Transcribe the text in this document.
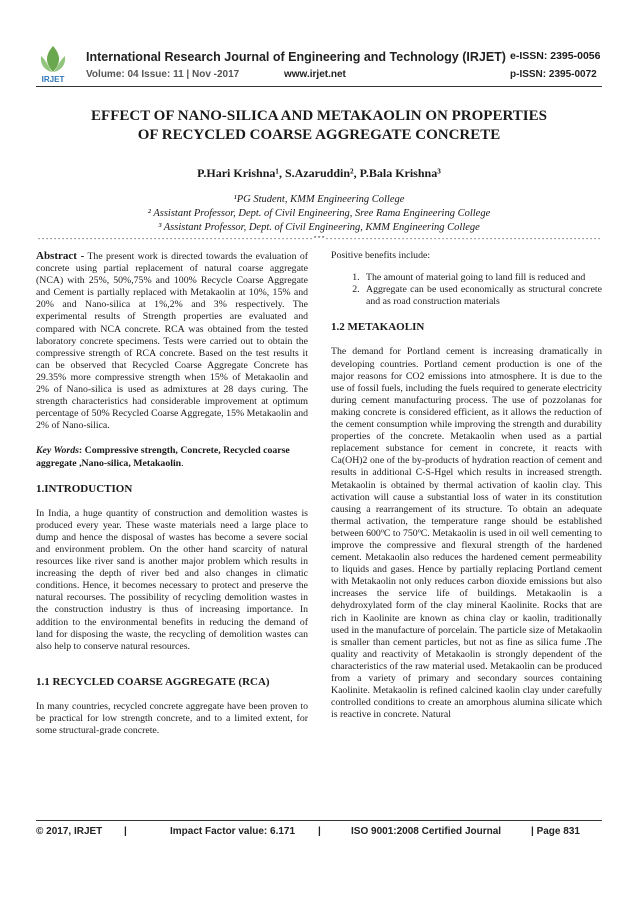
IRJET
International Research Journal of Engineering and Technology (IRJET) e-ISSN: 2395-0056
Volume: 04 Issue: 11 | Nov -2017	www.irjet.net	p-ISSN: 2395-0072
EFFECT OF NANO-SILICA AND METAKAOLIN ON PROPERTIES
OF RECYCLED COARSE AGGREGATE CONCRETE
P.Hari Krishna¹, S.Azaruddin², P.Bala Krishna³
¹PG Student, KMM Engineering College
² Assistant Professor, Dept. of Civil Engineering, Sree Rama Engineering College
³ Assistant Professor, Dept. of Civil Engineering, KMM Engineering College
---------------------------------------------------------------------***---------------------------------------------------------------------

Abstract - The present work is directed towards the evaluation of concrete using partial replacement of natural coarse aggregate (NCA) with 25%, 50%,75% and 100% Recycle Coarse Aggregate and Cement is partially replaced with Metakaolin at 10%, 15% and 20% and Nano-silica at 1%,2% and 3% respectively. The experimental results of Strength properties are evaluated and compared with NCA concrete. RCA was obtained from the tested laboratory concrete specimens. Tests were carried out to obtain the compressive strength of RCA concrete. Based on the test results it can be observed that Recycled Coarse Aggregate Concrete has 29.35% more compressive strength when 15% of Metakaolin and 2% of Nano-silica is used as admixtures at 28 days curing. The strength characteristics had considerable improvement at optimum percentage of 50% Recycled Coarse Aggregate, 15% Metakaolin and 2% of Nano-silica.

Key Words: Compressive strength, Concrete, Recycled coarse aggregate ,Nano-silica, Metakaolin.

1.INTRODUCTION

In India, a huge quantity of construction and demolition wastes is produced every year. These waste materials need a large place to dump and hence the disposal of wastes has become a severe social and environment problem. On the other hand scarcity of natural resources like river sand is another major problem which results in increasing the depth of river bed and also changes in climatic conditions. Hence, it becomes necessary to protect and preserve the natural recourses. The possibility of recycling demolition wastes in the construction industry is thus of increasing importance. In addition to the environmental benefits in reducing the demand of land for disposing the waste, the recycling of demolition wastes can also help to conserve natural resources.

1.1 RECYCLED COARSE AGGREGATE (RCA)

In many countries, recycled concrete aggregate have been proven to be practical for low strength concrete, and to a limited extent, for some structural-grade concrete.

Positive benefits include:

1. The amount of material going to land fill is reduced and
2. Aggregate can be used economically as structural concrete and as road construction materials

1.2 METAKAOLIN

The demand for Portland cement is increasing dramatically in developing countries. Portland cement production is one of the major reasons for CO2 emissions into atmosphere. It is due to the use of fossil fuels, including the fuels required to generate electricity during cement manufacturing process. The use of pozzolanas for making concrete is considered efficient, as it allows the reduction of the cement consumption while improving the strength and durability properties of the concrete. Metakaolin when used as a partial replacement substance for cement in concrete, it reacts with Ca(OH)2 one of the by-products of hydration reaction of cement and results in additional C-S-Hgel which results in increased strength. Metakaolin is obtained by thermal activation of kaolin clay. This activation will cause a substantial loss of water in its constitution causing a rearrangement of its structure. To obtain an adequate thermal activation, the temperature range should be established between 600ºC to 750ºC. Metakaolin is used in oil well cementing to improve the compressive and flexural strength of the hardened cement. Metakaolin also reduces the hardened cement permeability to liquids and gases. Hence by partially replacing Portland cement with Metakaolin not only reduces carbon dioxide emissions but also increases the service life of buildings. Metakaolin is a dehydroxylated form of the clay mineral Kaolinite. Rocks that are rich in Kaolinite are known as china clay or kaolin, traditionally used in the manufacture of porcelain. The particle size of Metakaolin is smaller than cement particles, but not as fine as silica fume .The quality and reactivity of Metakaolin is strongly dependent of the characteristics of the raw material used. Metakaolin can be produced from a variety of primary and secondary sources containing Kaolinite. Metakaolin is refined calcined kaolin clay under carefully controlled conditions to create an amorphous alumina silicate which is reactive in concrete. Natural

© 2017, IRJET |	Impact Factor value: 6.171 |	ISO 9001:2008 Certified Journal	| Page 831
